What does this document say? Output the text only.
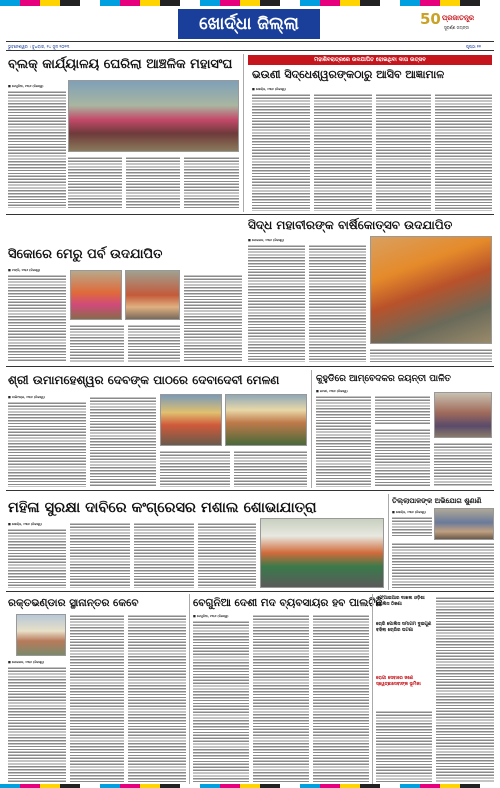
ଖୋର୍ଦ୍ଧା ଜିଲ୍ଲା	50 ପ୍ରଜାତନ୍ତ୍ର
ସୁବର୍ଣ୍ଣ ଜୟନ୍ତୀ
ଭୁବନେଶ୍ୱର । ବୁଧବାର, ୧୪ ଜୁନ ୨୦୨୩	ପୃଷ୍ଠା ୧୧
ବ୍ଲକ୍ କାର୍ଯ୍ୟାଳୟ ଘେରିଲା ଆଞ୍ଚଳିକ ମହାସଂଘ
■ ବେଗୁନିଆ, ୧୩ା୬ (ନିଜସ୍ୱ)
ମହାଶିବରାତ୍ରରେ ଉଦଯାପିତ ହୋଇଥିବା ଦାତା ଉତ୍ସବ
ଭଉଣୀ ସିଦ୍ଧେଶ୍ୱରଙ୍କଠାରୁ ଆସିବ ଆଜ୍ଞାମାଳ
■ ଖୋର୍ଦ୍ଧା, ୧୩ା୬ (ନିଜସ୍ୱ)
ସିଦ୍ଧ ମହାବୀରଙ୍କ ବାର୍ଷିକୋତ୍ସବ ଉଦଯାପିତ
■ ବୋଲଗଡ, ୧୩ା୬ (ନିଜସ୍ୱ)
ସିକୋରେ ମେରୁ ପର୍ବ ଉଦଯାପିତ
■ ଟାଙ୍ଗି, ୧୩ା୬ (ନିଜସ୍ୱ)
ଶ୍ରୀ ଉମାମହେଶ୍ୱର ଦେବଙ୍କ ପାଠରେ ଦେବାଦେବୀ ମେଳଣ
■ ବାଲିଅନ୍ତା, ୧୩ା୬ (ନିଜସ୍ୱ)
କୁହୁଡିରେ ଆମ୍ବେଦକର ଜୟନ୍ତୀ ପାଳିତ
■ ଜଟଣୀ, ୧୩ା୬ (ନିଜସ୍ୱ)
ମହିଳା ସୁରକ୍ଷା ଦାବିରେ କଂଗ୍ରେସର ମଶାଲ ଶୋଭାଯାତ୍ରା
■ ଖୋର୍ଦ୍ଧା, ୧୩ା୬ (ନିଜସ୍ୱ)
ତିଲ୍ଲାପାଳଙ୍କ ଅଭିଯୋଗ ଶୁଣାଣି
■ ଖୋର୍ଦ୍ଧା, ୧୩ା୬ (ନିଜସ୍ୱ)
ରକ୍ତଭଣ୍ଡାର ସ୍ଥାନାନ୍ତର କେବେ
■ ବୋଲଗଡ, ୧୩ା୬ (ନିଜସ୍ୱ)
ବେଗୁନିଆ ଦେଶୀ ମଦ ବ୍ୟବସାୟର ହବ ପାଲଟିଛି
■ ବେଗୁନିଆ, ୧୩ା୬ (ନିଜସ୍ୱ)
ଏଫ୍‌ଆଇଆର ଦାଖଲ ଓଡ଼ିଶା ପୋଲିସ ଠିକଣା
ଚୋରି ପୋଲିସ ସମାଗମ ଦୁଇଗୁଣ ବଢିଲା ଚୋରିର ଘଟଣା
ରୋଗୀ ସେବାରେ ଜଣେ ସ୍ୱେଚ୍ଛାସେବୀଙ୍କ ଭୂମିକା
